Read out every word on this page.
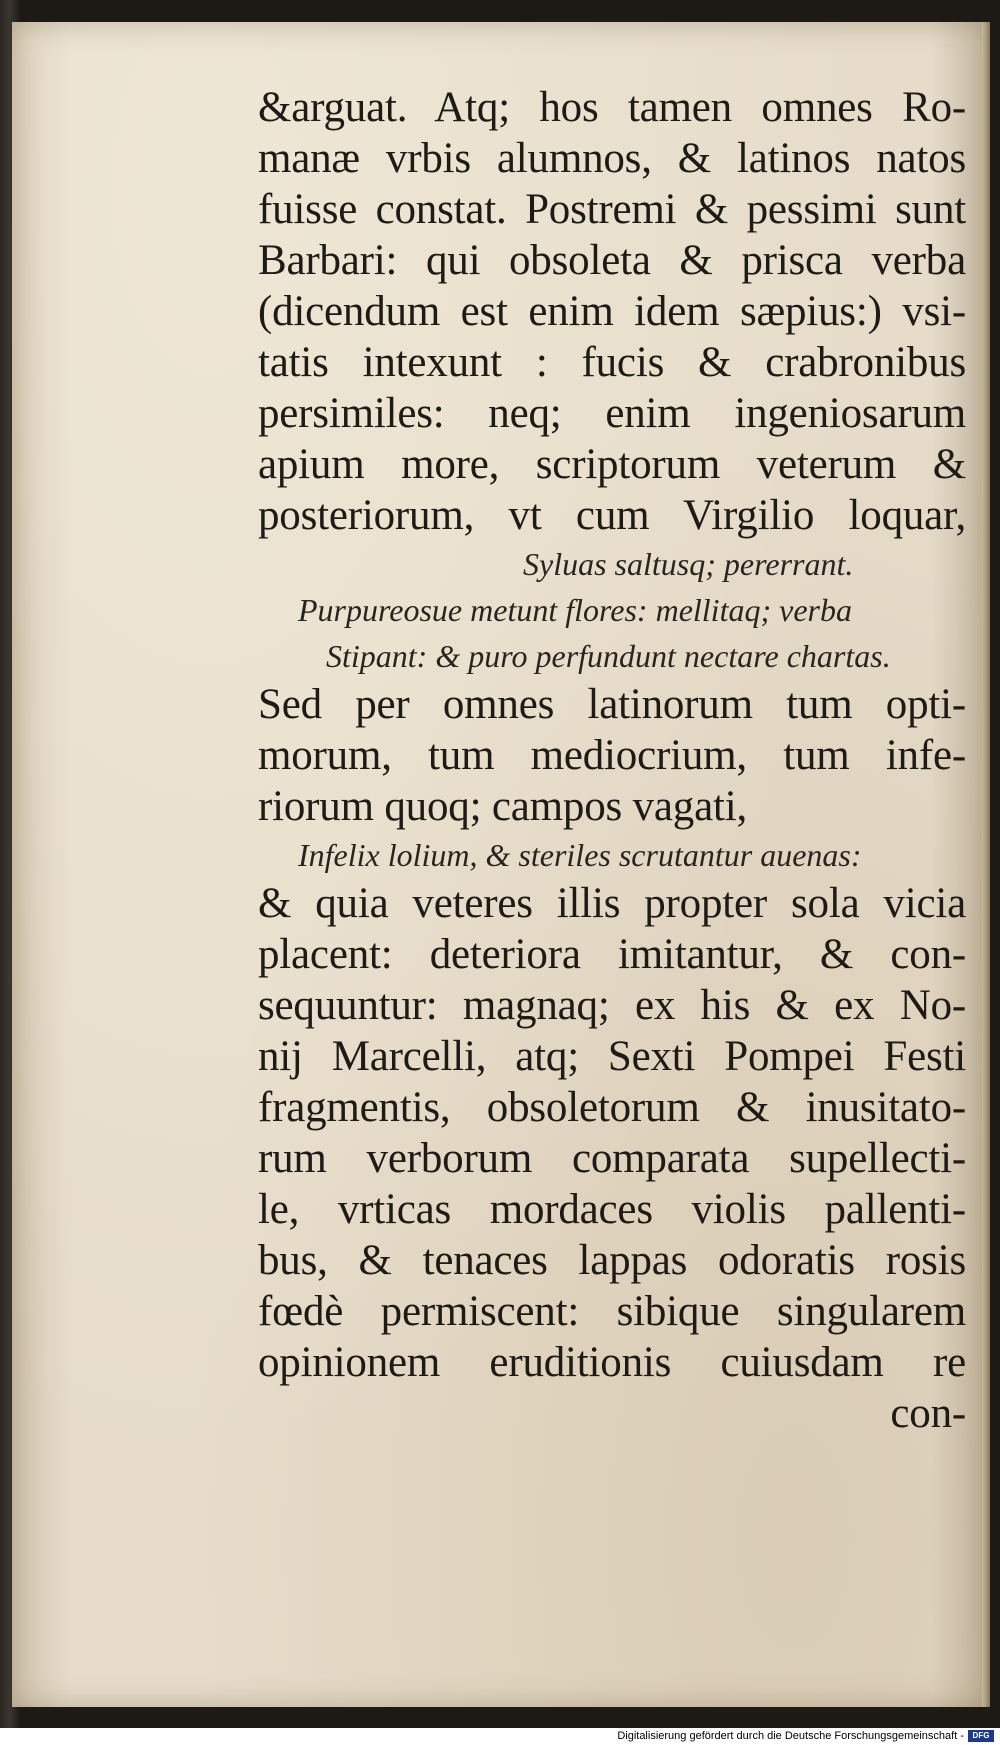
&arguat. Atq; hos tamen omnes Ro-
manæ vrbis alumnos, & latinos natos
fuisse constat. Postremi & pessimi sunt
Barbari: qui obsoleta & prisca verba
(dicendum est enim idem sæpius:) vsi-
tatis intexunt : fucis & crabronibus
persimiles: neq; enim ingeniosarum
apium more, scriptorum veterum &
posteriorum, vt cum Virgilio loquar,
Syluas saltusq; pererrant.
Purpureosue metunt flores: mellitaq; verba
Stipant: & puro perfundunt nectare chartas.
Sed per omnes latinorum tum opti-
morum, tum mediocrium, tum infe-
riorum quoq; campos vagati,
Infelix lolium, & steriles scrutantur auenas:
& quia veteres illis propter sola vicia
placent: deteriora imitantur, & con-
sequuntur: magnaq; ex his & ex No-
nij Marcelli, atq; Sexti Pompei Festi
fragmentis, obsoletorum & inusitato-
rum verborum comparata supellecti-
le, vrticas mordaces violis pallenti-
bus, & tenaces lappas odoratis rosis
fœdè permiscent: sibique singularem
opinionem eruditionis cuiusdam re
con-
Digitalisierung gefördert durch die Deutsche Forschungsgemeinschaft -	DFG
